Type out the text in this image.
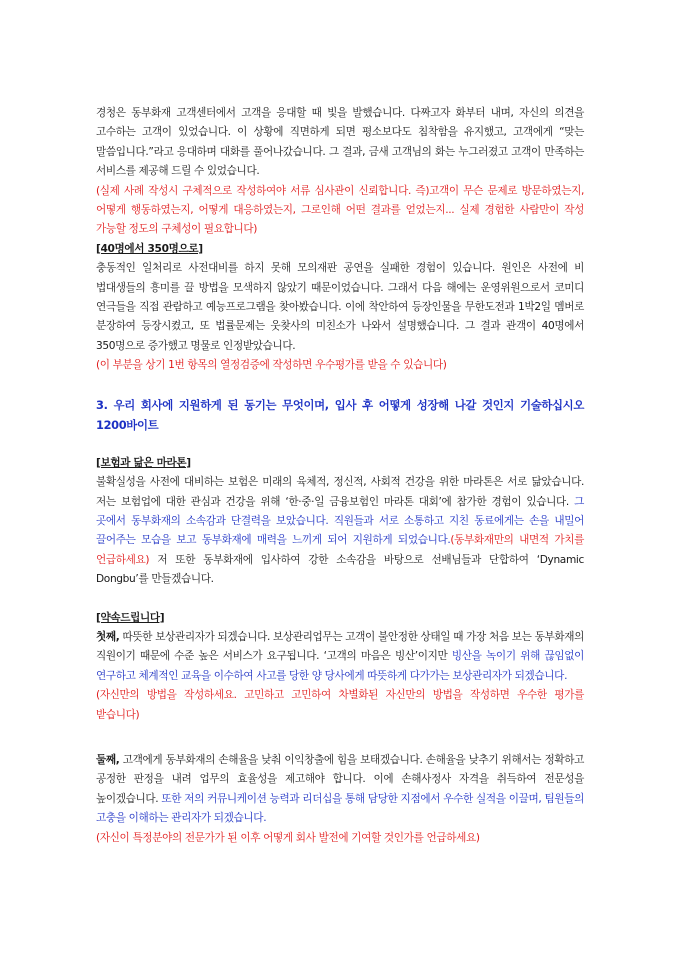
경청은 동부화재 고객센터에서 고객을 응대할 때 빛을 발했습니다. 다짜고자 화부터 내며, 자신의 의견을 고수하는 고객이 있었습니다. 이 상황에 직면하게 되면 평소보다도 침착함을 유지했고, 고객에게 “맞는 말씀입니다.”라고 응대하며 대화를 풀어나갔습니다. 그 결과, 금새 고객님의 화는 누그러졌고 고객이 만족하는 서비스를 제공해 드릴 수 있었습니다.

(실제 사례 작성시 구체적으로 작성하여야 서류 심사관이 신뢰합니다. 즉)고객이 무슨 문제로 방문하였는지, 어떻게 행동하였는지, 어떻게 대응하였는지, 그로인해 어떤 결과를 얻었는지... 실제 경험한 사람만이 작성 가능할 정도의 구체성이 필요합니다)

[40명에서 350명으로]

충동적인 일처리로 사전대비를 하지 못해 모의재판 공연을 실패한 경험이 있습니다. 원인은 사전에 비 법대생들의 흥미를 끌 방법을 모색하지 않았기 때문이었습니다. 그래서 다음 해에는 운영위원으로서 코미디 연극들을 직접 관람하고 예능프로그램을 찾아봤습니다. 이에 착안하여 등장인물을 무한도전과 1박2일 멤버로 분장하여 등장시켰고, 또 법률문제는 웃찾사의 미친소가 나와서 설명했습니다. 그 결과 관객이 40명에서 350명으로 증가했고 명물로 인정받았습니다.

(이 부분을 상기 1번 항목의 열정검증에 작성하면 우수평가를 받을 수 있습니다)

3. 우리 회사에 지원하게 된 동기는 무엇이며, 입사 후 어떻게 성장해 나갈 것인지 기술하십시오 1200바이트

[보험과 닮은 마라톤]

불확실성을 사전에 대비하는 보험은 미래의 육체적, 정신적, 사회적 건강을 위한 마라톤은 서로 닮았습니다. 저는 보험업에 대한 관심과 건강을 위해 ‘한·중·일 금융보험인 마라톤 대회’에 참가한 경험이 있습니다. 그 곳에서 동부화재의 소속감과 단결력을 보았습니다. 직원들과 서로 소통하고 지친 동료에게는 손을 내밀어 끌어주는 모습을 보고 동부화재에 매력을 느끼게 되어 지원하게 되었습니다.(동부화재만의 내면적 가치를 언급하세요) 저 또한 동부화재에 입사하여 강한 소속감을 바탕으로 선배님들과 단합하여 ‘Dynamic Dongbu’를 만들겠습니다.

[약속드립니다]

첫째, 따뜻한 보상관리자가 되겠습니다. 보상관리업무는 고객이 불안정한 상태일 때 가장 처음 보는 동부화재의 직원이기 때문에 수준 높은 서비스가 요구됩니다. ‘고객의 마음은 빙산’이지만 빙산을 녹이기 위해 끊임없이 연구하고 체계적인 교육을 이수하여 사고를 당한 양 당사에게 따뜻하게 다가가는 보상관리자가 되겠습니다.

(자신만의 방법을 작성하세요. 고민하고 고민하여 차별화된 자신만의 방법을 작성하면 우수한 평가를 받습니다)

둘째, 고객에게 동부화재의 손해율을 낮춰 이익창출에 힘을 보태겠습니다. 손해율을 낮추기 위해서는 정확하고 공정한 판정을 내려 업무의 효율성을 제고해야 합니다. 이에 손해사정사 자격을 취득하여 전문성을 높이겠습니다. 또한 저의 커뮤니케이션 능력과 리더십을 통해 담당한 지점에서 우수한 실적을 이끌며, 팀원들의 고충을 이해하는 관리자가 되겠습니다.

(자신이 특정분야의 전문가가 된 이후 어떻게 회사 발전에 기여할 것인가를 언급하세요)
